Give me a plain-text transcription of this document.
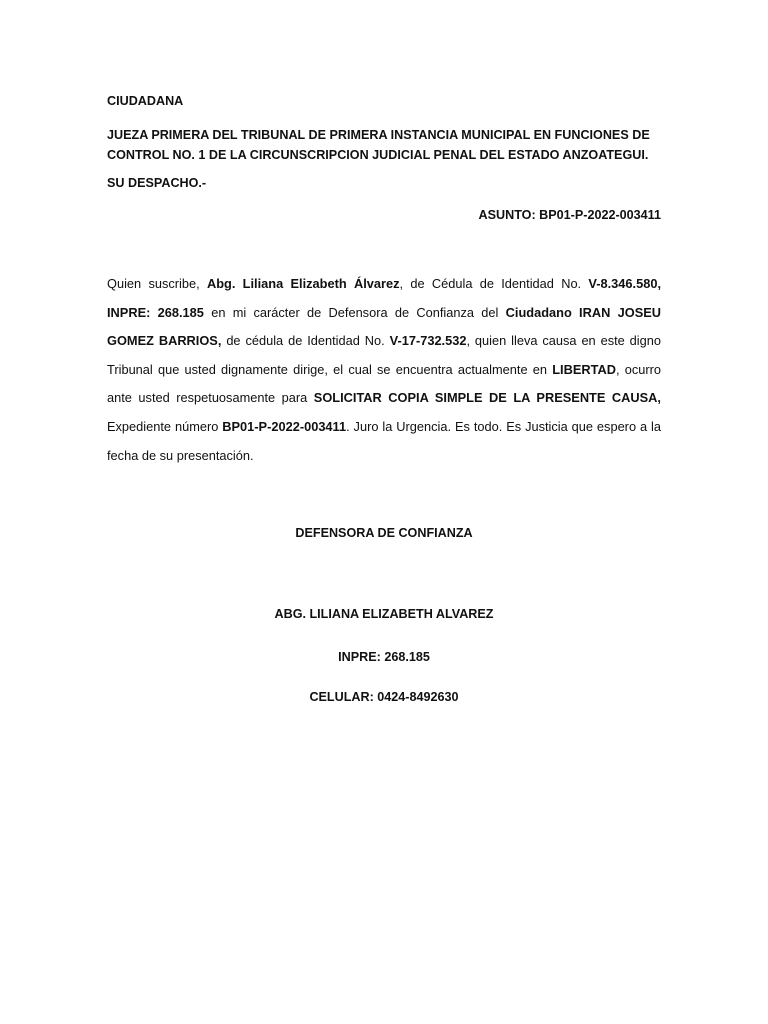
CIUDADANA
JUEZA PRIMERA DEL TRIBUNAL DE PRIMERA INSTANCIA MUNICIPAL EN FUNCIONES DE CONTROL NO. 1 DE LA CIRCUNSCRIPCION JUDICIAL PENAL DEL ESTADO ANZOATEGUI.
SU DESPACHO.-
ASUNTO: BP01-P-2022-003411
Quien suscribe, Abg. Liliana Elizabeth Álvarez, de Cédula de Identidad No. V-8.346.580, INPRE: 268.185 en mi carácter de Defensora de Confianza del Ciudadano IRAN JOSEU GOMEZ BARRIOS, de cédula de Identidad No. V-17-732.532, quien lleva causa en este digno Tribunal que usted dignamente dirige, el cual se encuentra actualmente en LIBERTAD, ocurro ante usted respetuosamente para SOLICITAR COPIA SIMPLE DE LA PRESENTE CAUSA, Expediente número BP01-P-2022-003411. Juro la Urgencia. Es todo. Es Justicia que espero a la fecha de su presentación.
DEFENSORA DE CONFIANZA
ABG. LILIANA ELIZABETH ALVAREZ
INPRE: 268.185
CELULAR: 0424-8492630
